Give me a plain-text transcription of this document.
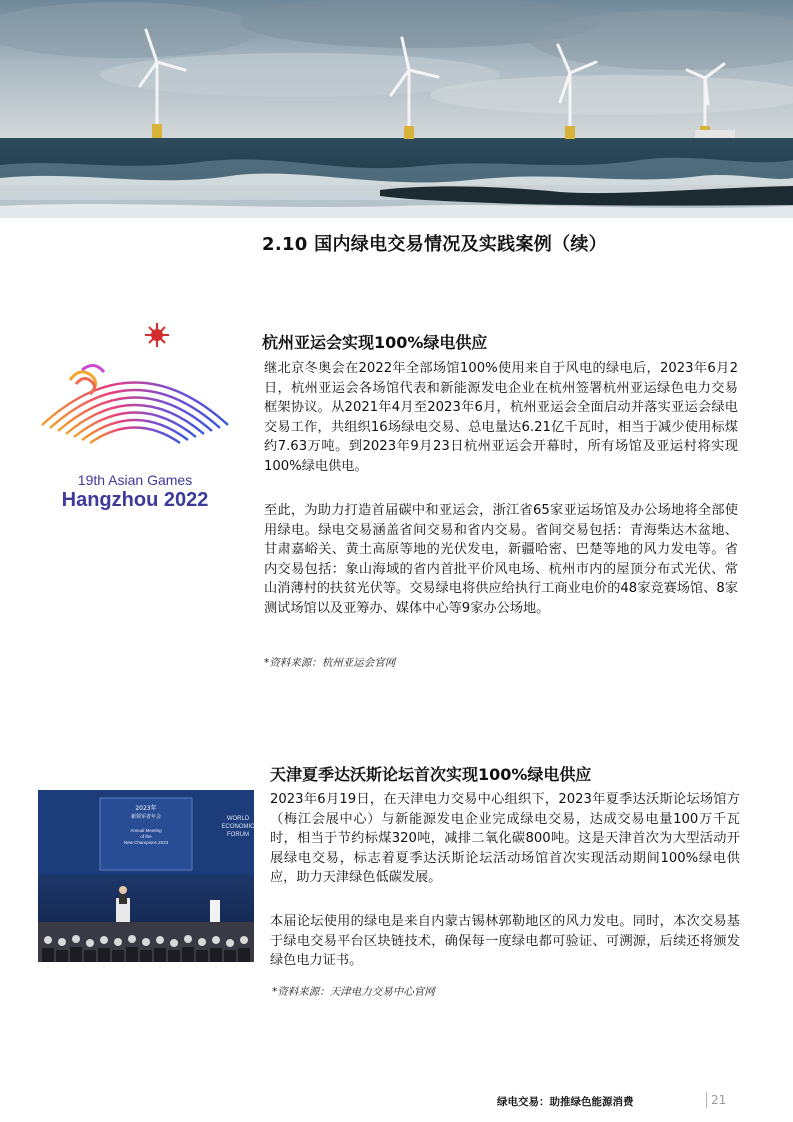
2.10 国内绿电交易情况及实践案例（续）
19th Asian Games
Hangzhou 2022
杭州亚运会实现100%绿电供应

继北京冬奥会在2022年全部场馆100%使用来自于风电的绿电后，2023年6月2日，杭州亚运会各场馆代表和新能源发电企业在杭州签署杭州亚运绿色电力交易框架协议。从2021年4月至2023年6月，杭州亚运会全面启动并落实亚运会绿电交易工作，共组织16场绿电交易、总电量达6.21亿千瓦时，相当于减少使用标煤约7.63万吨。到2023年9月23日杭州亚运会开幕时，所有场馆及亚运村将实现100%绿电供电。

至此，为助力打造首届碳中和亚运会，浙江省65家亚运场馆及办公场地将全部使用绿电。绿电交易涵盖省间交易和省内交易。省间交易包括：青海柴达木盆地、甘肃嘉峪关、黄土高原等地的光伏发电，新疆哈密、巴楚等地的风力发电等。省内交易包括：象山海域的省内首批平价风电场、杭州市内的屋顶分布式光伏、常山消薄村的扶贫光伏等。交易绿电将供应给执行工商业电价的48家竞赛场馆、8家测试场馆以及亚筹办、媒体中心等9家办公场地。

*资料来源：杭州亚运会官网
天津夏季达沃斯论坛首次实现100%绿电供应
2023年
新领军者年会
Annual Meeting
of the
New Champions 2023
WORLD
ECONOMIC
FORUM

2023年6月19日，在天津电力交易中心组织下，2023年夏季达沃斯论坛场馆方（梅江会展中心）与新能源发电企业完成绿电交易，达成交易电量100万千瓦时，相当于节约标煤320吨，减排二氧化碳800吨。这是天津首次为大型活动开展绿电交易，标志着夏季达沃斯论坛活动场馆首次实现活动期间100%绿电供应，助力天津绿色低碳发展。

本届论坛使用的绿电是来自内蒙古锡林郭勒地区的风力发电。同时，本次交易基于绿电交易平台区块链技术，确保每一度绿电都可验证、可溯源，后续还将颁发绿色电力证书。

*资料来源：天津电力交易中心官网
绿电交易：助推绿色能源消费	21
